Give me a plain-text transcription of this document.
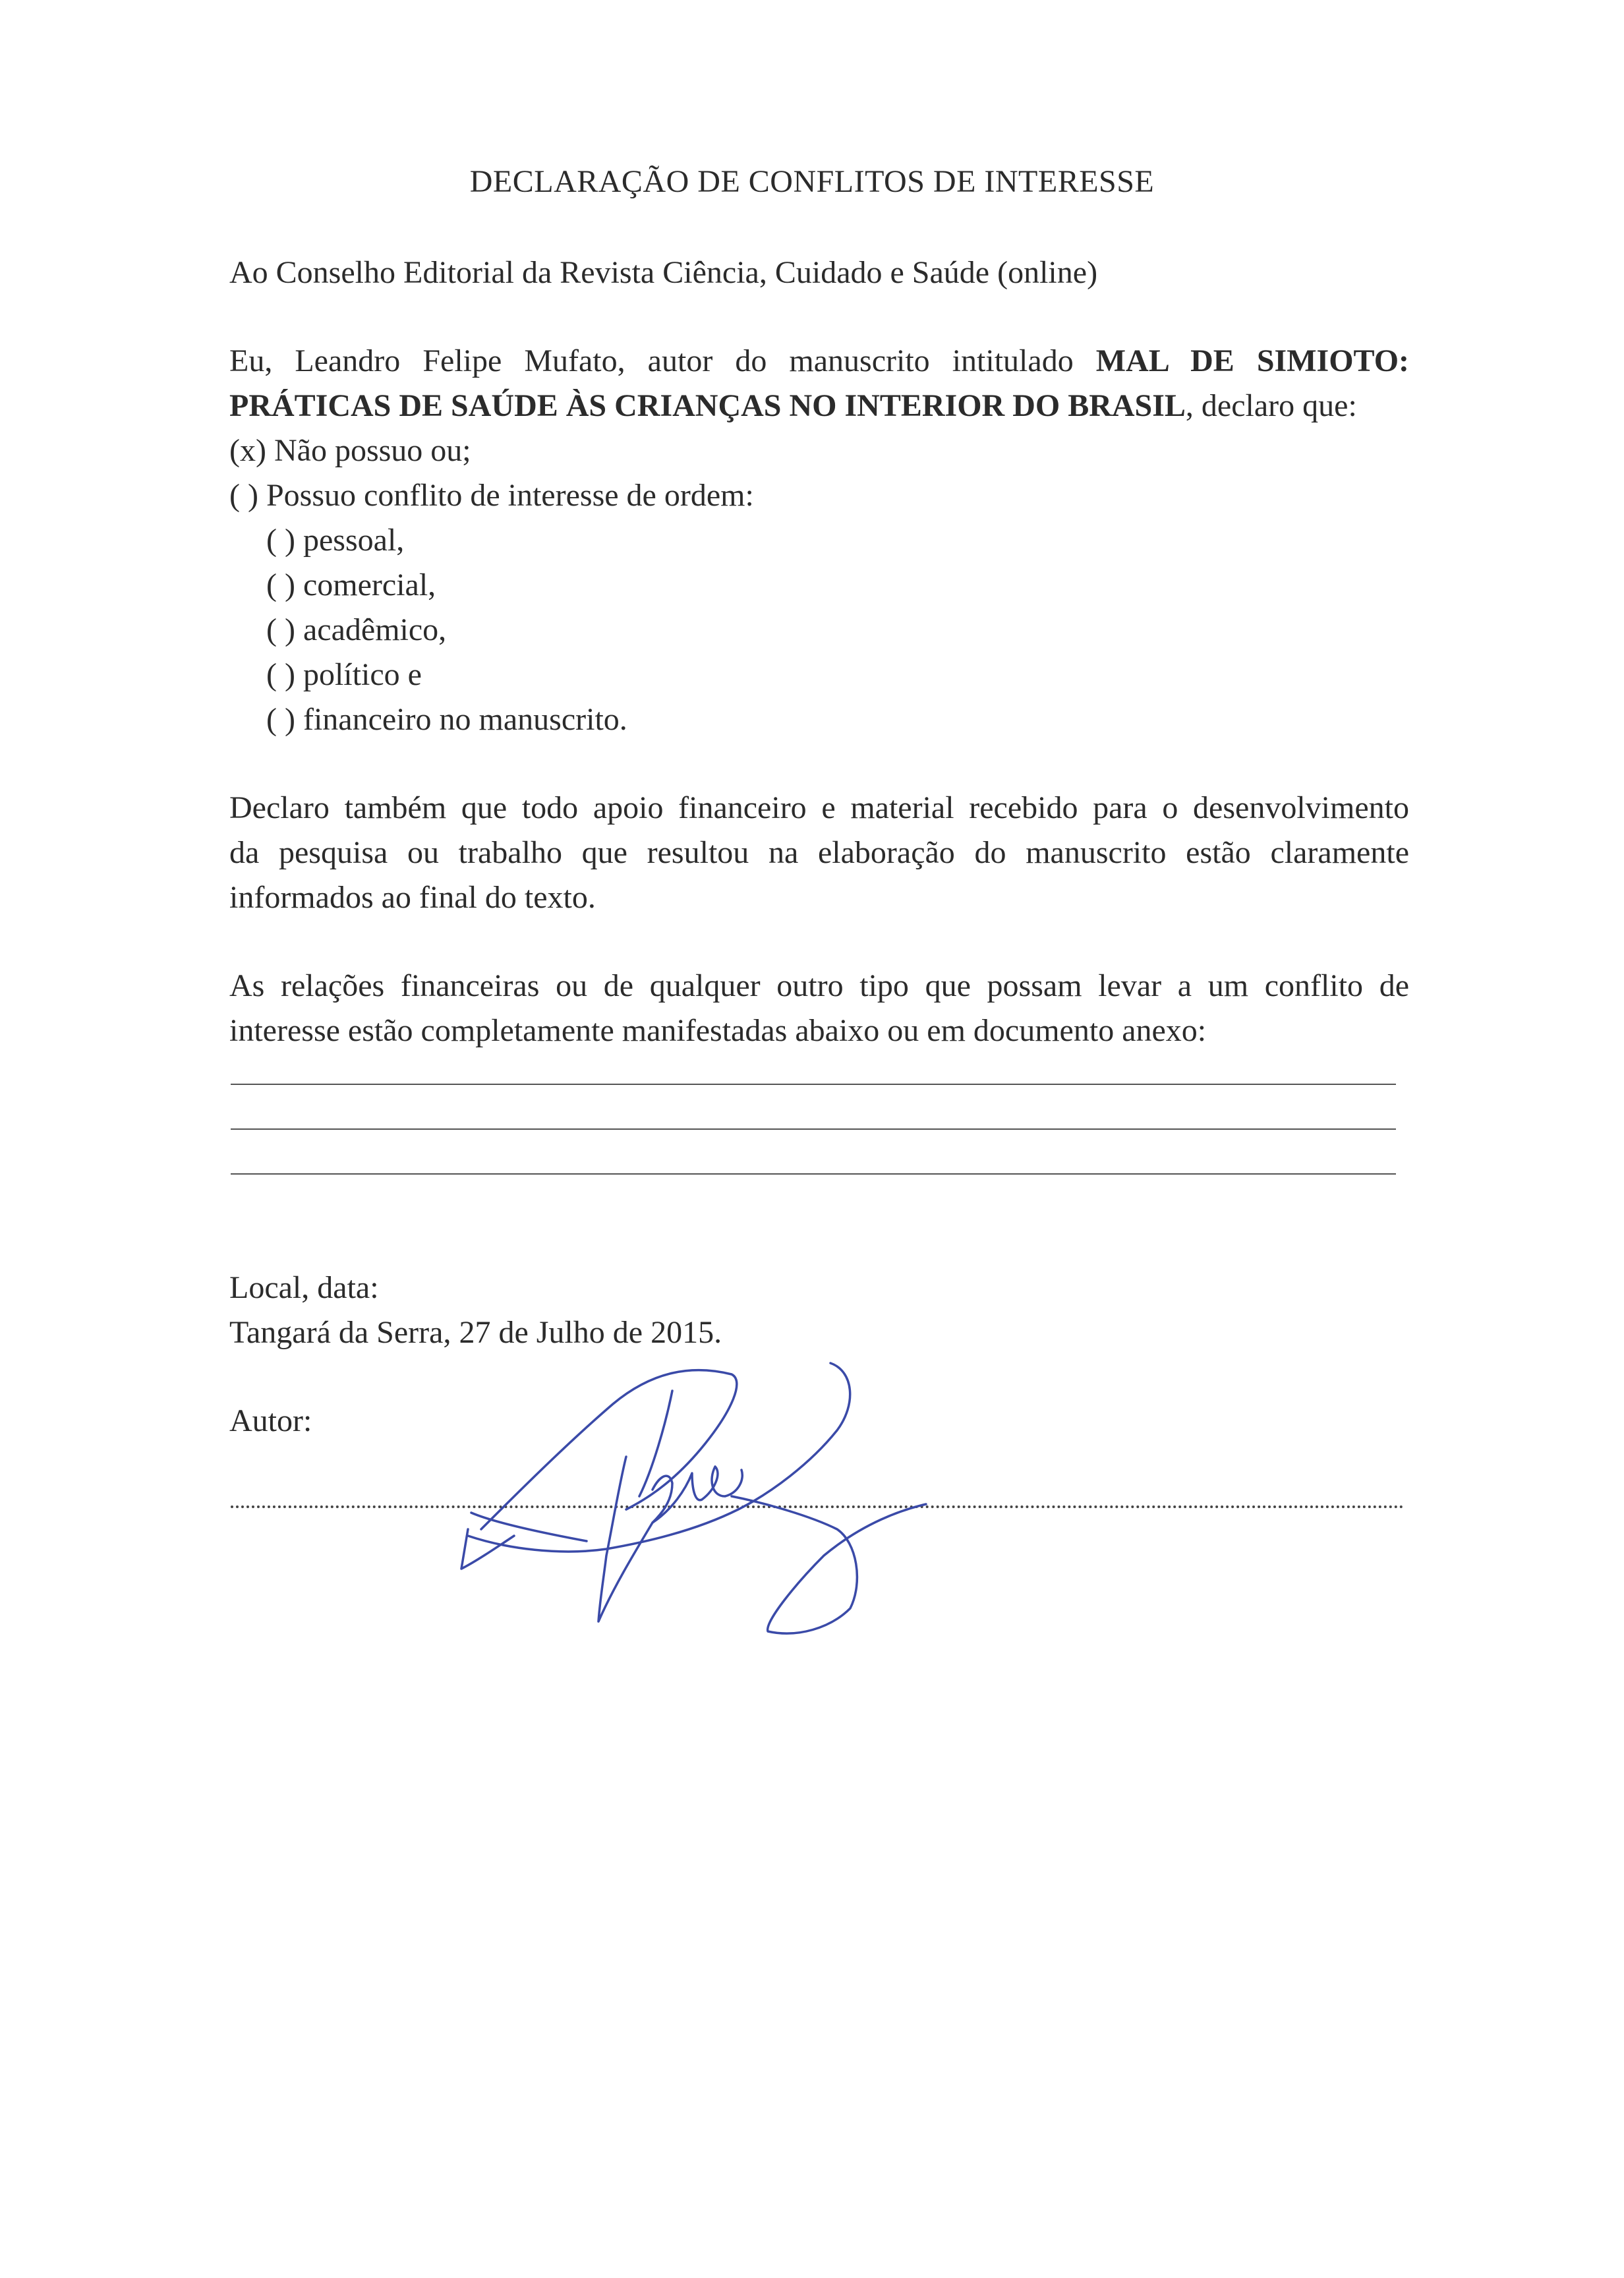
DECLARAÇÃO DE CONFLITOS DE INTERESSE
Ao Conselho Editorial da Revista Ciência, Cuidado e Saúde (online)
Eu, Leandro Felipe Mufato, autor do manuscrito intitulado MAL DE SIMIOTO:
PRÁTICAS DE SAÚDE ÀS CRIANÇAS NO INTERIOR DO BRASIL, declaro que:
(x) Não possuo ou;
( ) Possuo conflito de interesse de ordem:
( ) pessoal,
( ) comercial,
( ) acadêmico,
( ) político e
( ) financeiro no manuscrito.
Declaro também que todo apoio financeiro e material recebido para o desenvolvimento
da pesquisa ou trabalho que resultou na elaboração do manuscrito estão claramente
informados ao final do texto.
As relações financeiras ou de qualquer outro tipo que possam levar a um conflito de
interesse estão completamente manifestadas abaixo ou em documento anexo:
Local, data:
Tangará da Serra, 27 de Julho de 2015.
Autor:
